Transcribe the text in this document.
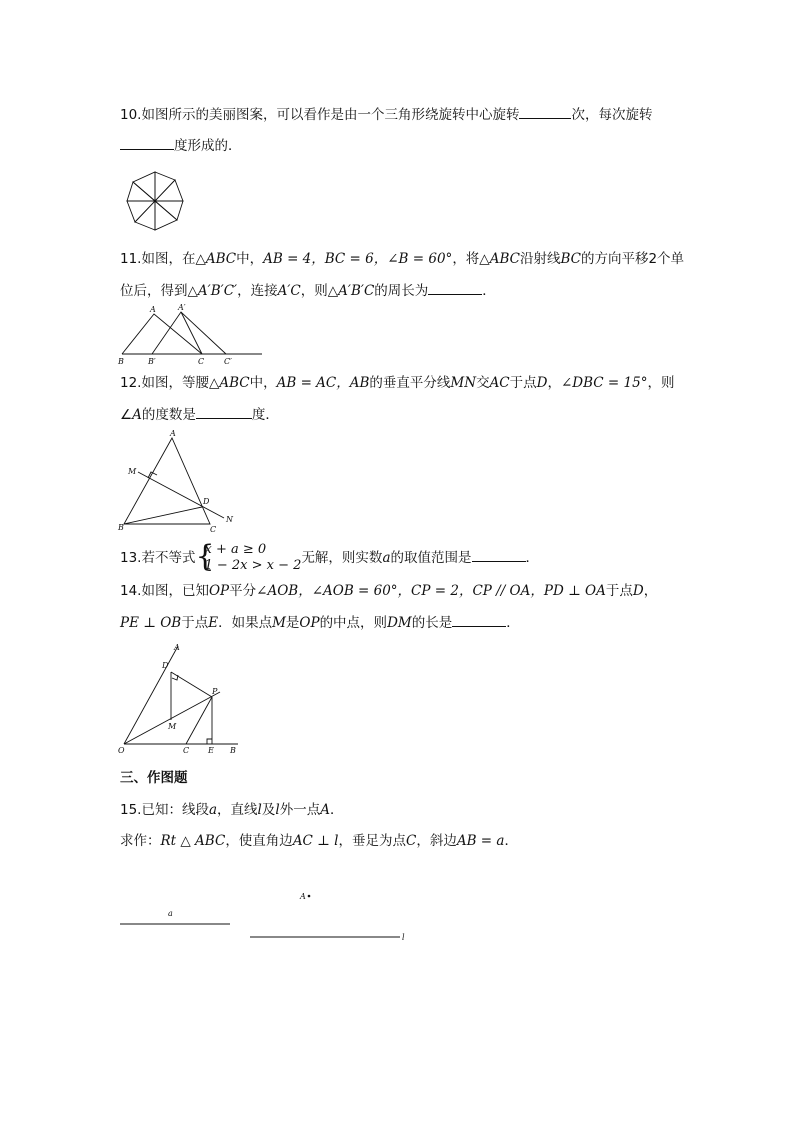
10.如图所示的美丽图案，可以看作是由一个三角形绕旋转中心旋转	次，每次旋转
度形成的．
11.如图，在△ABC中，AB = 4，BC = 6，∠B = 60°，将△ABC沿射线BC的方向平移2个单
位后，得到△A′B′C′，连接A′C，则△A′B′C的周长为	．
A	A′
B	B′	C C′
12.如图，等腰△ABC中，AB = AC，AB的垂直平分线MN交AC于点D，∠DBC = 15°，则
∠A的度数是	度．
A
M
D
B	C
N
13.若不等式 {
x + a ≥ 0
1 − 2x > x − 2 无解，则实数a的取值范围是	．
14.如图，已知OP平分∠AOB，∠AOB = 60°，CP = 2，CP // OA，PD ⊥ OA于点D，
PE ⊥ OB于点E．如果点M是OP的中点，则DM的长是	．
A
D
P
M
O	C E B
三、作图题
15.已知：线段a，直线l及l外一点A．
求作：Rt △ ABC，使直角边AC ⊥ l，垂足为点C，斜边AB = a．
a
A
l
